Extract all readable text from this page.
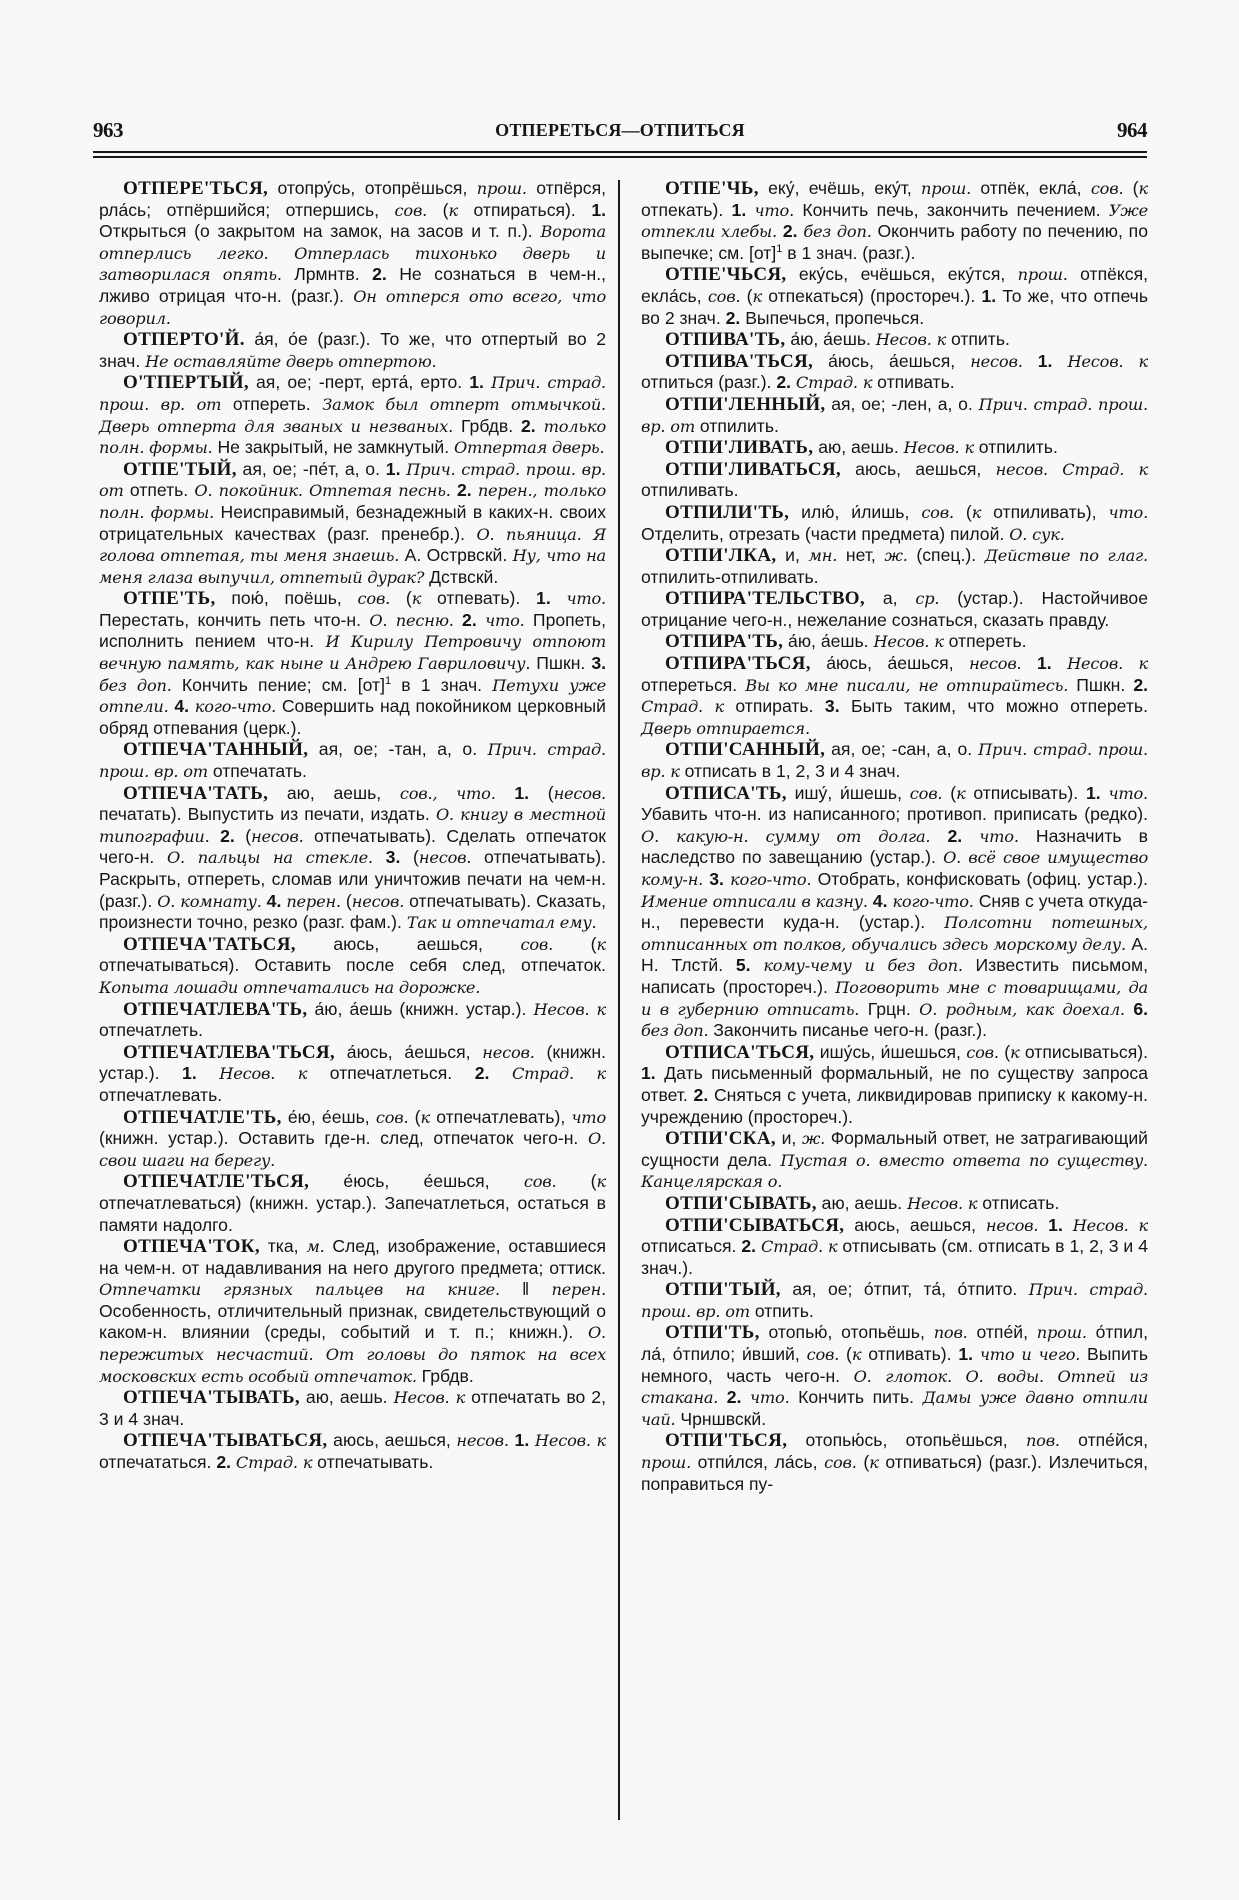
963	ОТПЕРЕТЬСЯ—ОТПИТЬСЯ	964

ОТПЕРЕ'ТЬСЯ, отопру́сь, отопрёшься, прош. отпёрся, рла́сь; отпёршийся; отпершись, сов. (к отпираться). 1. Открыться (о закрытом на замок, на засов и т. п.). Ворота отперлись легко. Отперлась тихонько дверь и затворилася опять. Лрмнтв. 2. Не сознаться в чем-н., лживо отрицая что-н. (разг.). Он отперся ото всего, что говорил.

ОТПЕРТО'Й. а́я, о́е (разг.). То же, что отпертый во 2 знач. Не оставляйте дверь отпертою.

О'ТПЕРТЫЙ, ая, ое; -перт, ерта́, ерто. 1. Прич. страд. прош. вр. от отпереть. Замок был отперт отмычкой. Дверь отперта для званых и незваных. Грбдв. 2. только полн. формы. Не закрытый, не замкнутый. Отпертая дверь.

ОТПЕ'ТЫЙ, ая, ое; -пе́т, а, о. 1. Прич. страд. прош. вр. от отпеть. О. покойник. Отпетая песнь. 2. перен., только полн. формы. Неисправимый, безнадежный в каких-н. своих отрицательных качествах (разг. пренебр.). О. пьяница. Я голова отпетая, ты меня знаешь. А. Острвскй. Ну, что на меня глаза выпучил, отпетый дурак? Дствскй.

ОТПЕ'ТЬ, пою́, поёшь, сов. (к отпевать). 1. что. Перестать, кончить петь что-н. О. песню. 2. что. Пропеть, исполнить пением что-н. И Кирилу Петровичу отпоют вечную память, как ныне и Андрею Гавриловичу. Пшкн. 3. без доп. Кончить пение; см. [от]$^1$ в 1 знач. Петухи уже отпели. 4. кого-что. Совершить над покойником церковный обряд отпевания (церк.).

ОТПЕЧА'ТАННЫЙ, ая, ое; -тан, а, о. Прич. страд. прош. вр. от отпечатать.

ОТПЕЧА'ТАТЬ, аю, аешь, сов., что. 1. (несов. печатать). Выпустить из печати, издать. О. книгу в местной типографии. 2. (несов. отпечатывать). Сделать отпечаток чего-н. О. пальцы на стекле. 3. (несов. отпечатывать). Раскрыть, отпереть, сломав или уничтожив печати на чем-н. (разг.). О. комнату. 4. перен. (несов. отпечатывать). Сказать, произнести точно, резко (разг. фам.). Так и отпечатал ему.

ОТПЕЧА'ТАТЬСЯ, аюсь, аешься, сов. (к отпечатываться). Оставить после себя след, отпечаток. Копыта лошади отпечатались на дорожке.

ОТПЕЧАТЛЕВА'ТЬ, а́ю, а́ешь (книжн. устар.). Несов. к отпечатлеть.

ОТПЕЧАТЛЕВА'ТЬСЯ, а́юсь, а́ешься, несов. (книжн. устар.). 1. Несов. к отпечатлеться. 2. Страд. к отпечатлевать.

ОТПЕЧАТЛЕ'ТЬ, е́ю, е́ешь, сов. (к отпечатлевать), что (книжн. устар.). Оставить где-н. след, отпечаток чего-н. О. свои шаги на берегу.

ОТПЕЧАТЛЕ'ТЬСЯ, е́юсь, е́ешься, сов. (к отпечатлеваться) (книжн. устар.). Запечатлеться, остаться в памяти надолго.

ОТПЕЧА'ТОК, тка, м. След, изображение, оставшиеся на чем-н. от надавливания на него другого предмета; оттиск. Отпечатки грязных пальцев на книге. ‖ перен. Особенность, отличительный признак, свидетельствующий о каком-н. влиянии (среды, событий и т. п.; книжн.). О. пережитых несчастий. От головы до пяток на всех московских есть особый отпечаток. Грбдв.

ОТПЕЧА'ТЫВАТЬ, аю, аешь. Несов. к отпечатать во 2, 3 и 4 знач.

ОТПЕЧА'ТЫВАТЬСЯ, аюсь, аешься, несов. 1. Несов. к отпечататься. 2. Страд. к отпечатывать.

ОТПЕ'ЧЬ, еку́, ечёшь, еку́т, прош. отпёк, екла́, сов. (к отпекать). 1. что. Кончить печь, закончить печением. Уже отпекли хлебы. 2. без доп. Окончить работу по печению, по выпечке; см. [от]$^1$ в 1 знач. (разг.).

ОТПЕ'ЧЬСЯ, еку́сь, ечёшься, еку́тся, прош. отпёкся, екла́сь, сов. (к отпекаться) (простореч.). 1. То же, что отпечь во 2 знач. 2. Выпечься, пропечься.

ОТПИВА'ТЬ, а́ю, а́ешь. Несов. к отпить.

ОТПИВА'ТЬСЯ, а́юсь, а́ешься, несов. 1. Несов. к отпиться (разг.). 2. Страд. к отпивать.

ОТПИ'ЛЕННЫЙ, ая, ое; -лен, а, о. Прич. страд. прош. вр. от отпилить.

ОТПИ'ЛИВАТЬ, аю, аешь. Несов. к отпилить.

ОТПИ'ЛИВАТЬСЯ, аюсь, аешься, несов. Страд. к отпиливать.

ОТПИЛИ'ТЬ, илю́, и́лишь, сов. (к отпиливать), что. Отделить, отрезать (части предмета) пилой. О. сук.

ОТПИ'ЛКА, и, мн. нет, ж. (спец.). Действие по глаг. отпилить-отпиливать.

ОТПИРА'ТЕЛЬСТВО, а, ср. (устар.). Настойчивое отрицание чего-н., нежелание сознаться, сказать правду.

ОТПИРА'ТЬ, а́ю, а́ешь. Несов. к отпереть.

ОТПИРА'ТЬСЯ, а́юсь, а́ешься, несов. 1. Несов. к отпереться. Вы ко мне писали, не отпирайтесь. Пшкн. 2. Страд. к отпирать. 3. Быть таким, что можно отпереть. Дверь отпирается.

ОТПИ'САННЫЙ, ая, ое; -сан, а, о. Прич. страд. прош. вр. к отписать в 1, 2, 3 и 4 знач.

ОТПИСА'ТЬ, ишу́, и́шешь, сов. (к отписывать). 1. что. Убавить что-н. из написанного; противоп. приписать (редко). О. какую-н. сумму от долга. 2. что. Назначить в наследство по завещанию (устар.). О. всё свое имущество кому-н. 3. кого-что. Отобрать, конфисковать (офиц. устар.). Имение отписали в казну. 4. кого-что. Сняв с учета откуда-н., перевести куда-н. (устар.). Полсотни потешных, отписанных от полков, обучались здесь морскому делу. А. Н. Тлстй. 5. кому-чему и без доп. Известить письмом, написать (простореч.). Поговорить мне с товарищами, да и в губернию отписать. Грцн. О. родным, как доехал. 6. без доп. Закончить писанье чего-н. (разг.).

ОТПИСА'ТЬСЯ, ишу́сь, и́шешься, сов. (к отписываться). 1. Дать письменный формальный, не по существу запроса ответ. 2. Сняться с учета, ликвидировав приписку к какому-н. учреждению (простореч.).

ОТПИ'СКА, и, ж. Формальный ответ, не затрагивающий сущности дела. Пустая о. вместо ответа по существу. Канцелярская о.

ОТПИ'СЫВАТЬ, аю, аешь. Несов. к отписать.

ОТПИ'СЫВАТЬСЯ, аюсь, аешься, несов. 1. Несов. к отписаться. 2. Страд. к отписывать (см. отписать в 1, 2, 3 и 4 знач.).

ОТПИ'ТЫЙ, ая, ое; о́тпит, та́, о́тпито. Прич. страд. прош. вр. от отпить.

ОТПИ'ТЬ, отопью́, отопьёшь, пов. отпе́й, прош. о́тпил, ла́, о́тпило; и́вший, сов. (к отпивать). 1. что и чего. Выпить немного, часть чего-н. О. глоток. О. воды. Отпей из стакана. 2. что. Кончить пить. Дамы уже давно отпили чай. Чрншвскй.

ОТПИ'ТЬСЯ, отопью́сь, отопьёшься, пов. отпе́йся, прош. отпи́лся, ла́сь, сов. (к отпиваться) (разг.). Излечиться, поправиться пу-
